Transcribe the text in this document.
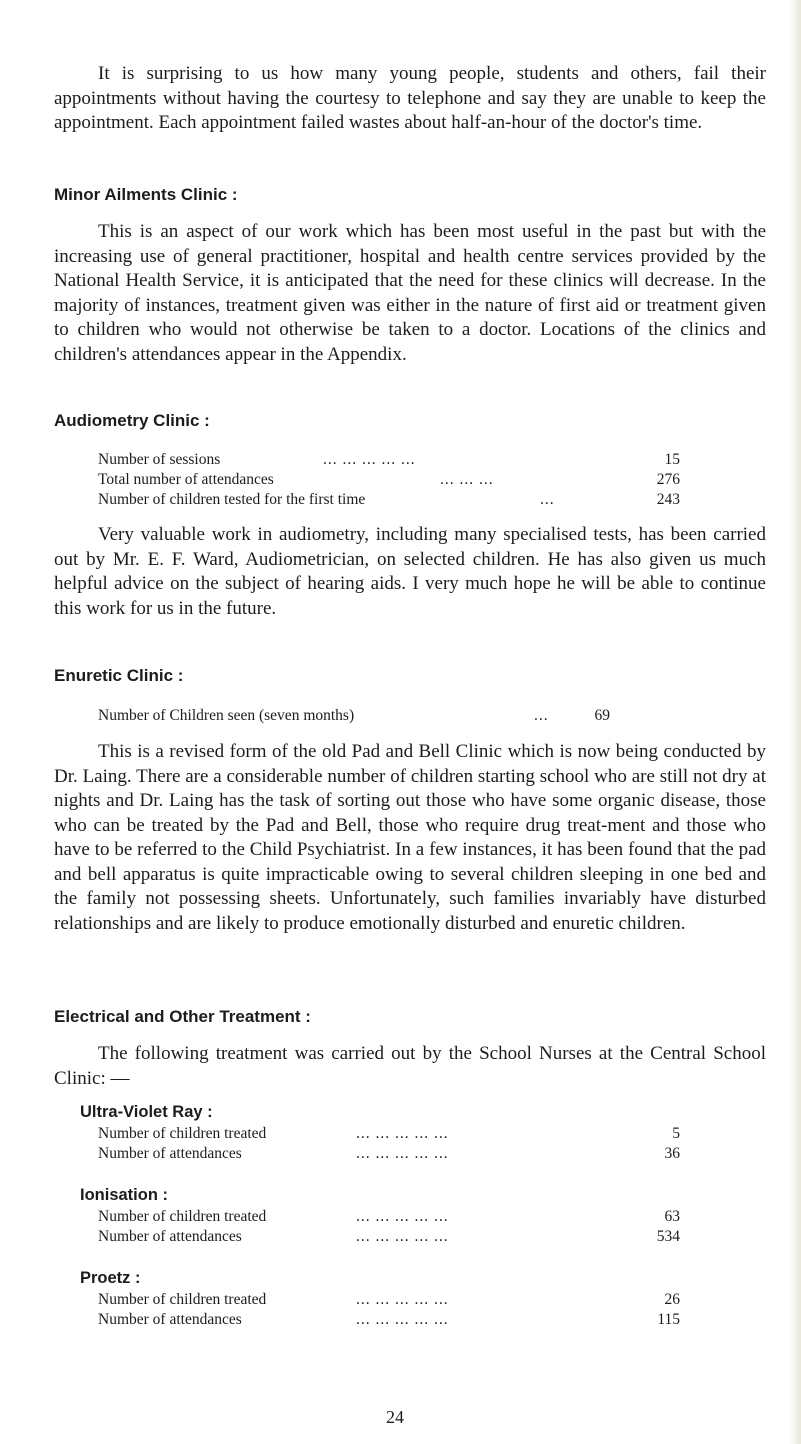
It is surprising to us how many young people, students and others, fail their appointments without having the courtesy to telephone and say they are unable to keep the appointment. Each appointment failed wastes about half-an-hour of the doctor's time.

Minor Ailments Clinic :

This is an aspect of our work which has been most useful in the past but with the increasing use of general practitioner, hospital and health centre services provided by the National Health Service, it is anticipated that the need for these clinics will decrease. In the majority of instances, treatment given was either in the nature of first aid or treatment given to children who would not otherwise be taken to a doctor. Locations of the clinics and children's attendances appear in the Appendix.

Audiometry Clinic :
Number of sessions	... ... ... ... ...	15
Total number of attendances	... ... ...	276
Number of children tested for the first time	...	243

Very valuable work in audiometry, including many specialised tests, has been carried out by Mr. E. F. Ward, Audiometrician, on selected children. He has also given us much helpful advice on the subject of hearing aids. I very much hope he will be able to continue this work for us in the future.

Enuretic Clinic :
Number of Children seen (seven months)	...	69

This is a revised form of the old Pad and Bell Clinic which is now being conducted by Dr. Laing. There are a considerable number of children starting school who are still not dry at nights and Dr. Laing has the task of sorting out those who have some organic disease, those who can be treated by the Pad and Bell, those who require drug treat-ment and those who have to be referred to the Child Psychiatrist. In a few instances, it has been found that the pad and bell apparatus is quite impracticable owing to several children sleeping in one bed and the family not possessing sheets. Unfortunately, such families invariably have disturbed relationships and are likely to produce emotionally disturbed and enuretic children.

Electrical and Other Treatment :

The following treatment was carried out by the School Nurses at the Central School Clinic: —

Ultra-Violet Ray :
Number of children treated	... ... ... ... ...	5
Number of attendances	... ... ... ... ...	36
Ionisation :
Number of children treated	... ... ... ... ...	63
Number of attendances	... ... ... ... ...	534
Proetz :
Number of children treated	... ... ... ... ...	26
Number of attendances	... ... ... ... ...	115
24
